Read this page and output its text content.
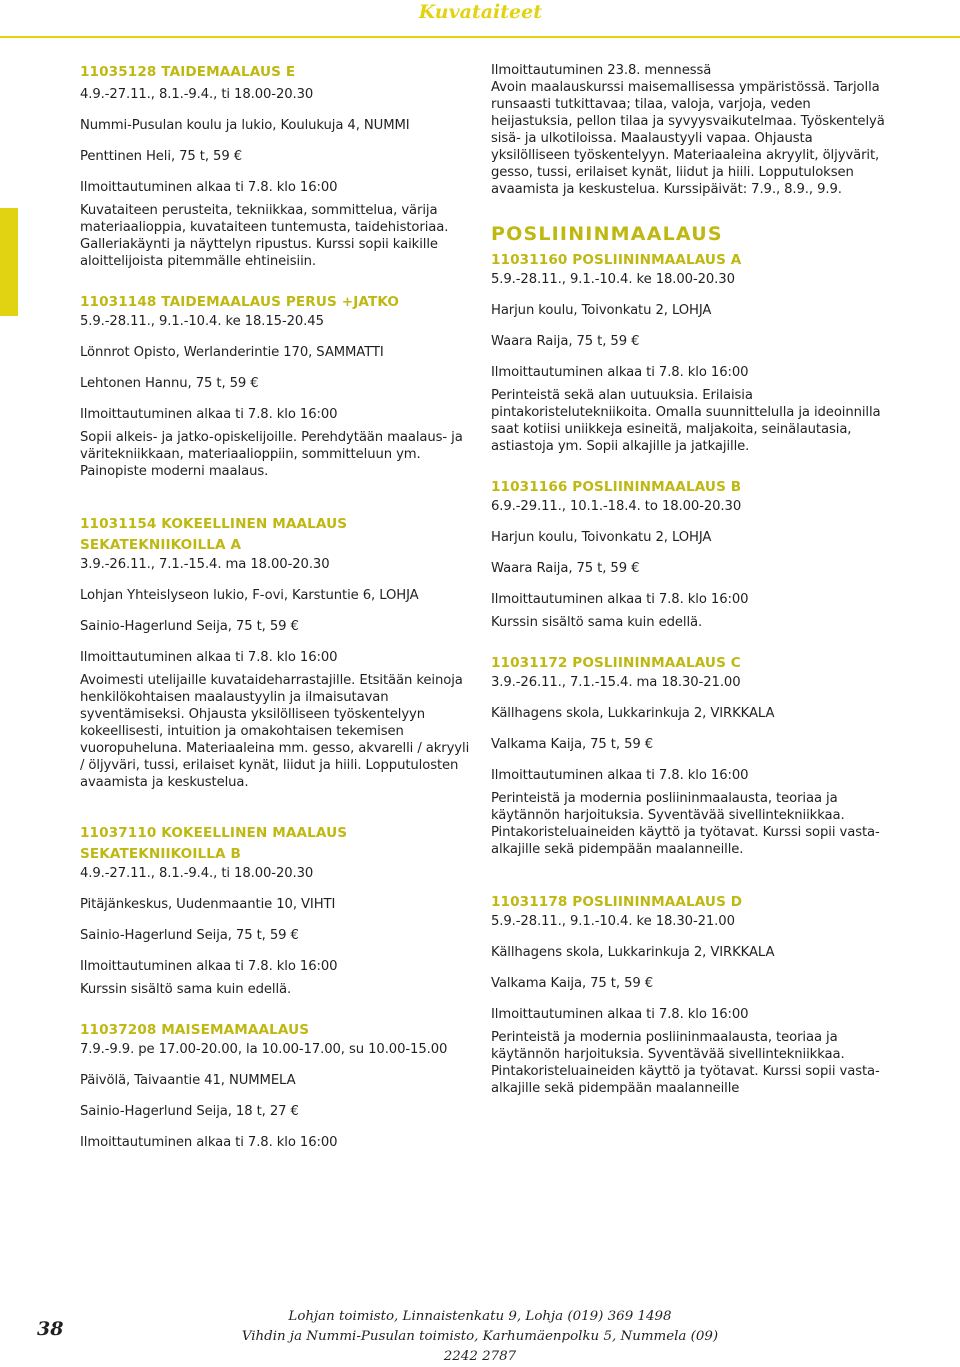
Kuvataiteet
11035128 TAIDEMAALAUS E
4.9.-27.11., 8.1.-9.4., ti 18.00-20.30
Nummi-Pusulan koulu ja lukio, Koulukuja 4, NUMMI
Penttinen Heli, 75 t, 59 €
Ilmoittautuminen alkaa ti 7.8. klo 16:00
Kuvataiteen perusteita, tekniikkaa, sommittelua, värija materiaalioppia, kuvataiteen tuntemusta, taidehistoriaa. Galleriakäynti ja näyttelyn ripustus. Kurssi sopii kaikille aloittelijoista pitemmälle ehtineisiin.
11031148 TAIDEMAALAUS PERUS +JATKO
5.9.-28.11., 9.1.-10.4. ke 18.15-20.45
Lönnrot Opisto, Werlanderintie 170, SAMMATTI
Lehtonen Hannu, 75 t, 59 €
Ilmoittautuminen alkaa ti 7.8. klo 16:00
Sopii alkeis- ja jatko-opiskelijoille. Perehdytään maalaus- ja väritekniikkaan, materiaalioppiin, sommitteluun ym. Painopiste moderni maalaus.
11031154 KOKEELLINEN MAALAUS SEKATEKNIIKOILLA A
3.9.-26.11., 7.1.-15.4. ma 18.00-20.30
Lohjan Yhteislyseon lukio, F-ovi, Karstuntie 6, LOHJA
Sainio-Hagerlund Seija, 75 t, 59 €
Ilmoittautuminen alkaa ti 7.8. klo 16:00
Avoimesti utelijaille kuvataideharrastajille. Etsitään keinoja henkilökohtaisen maalaustyylin ja ilmaisutavan syventämiseksi. Ohjausta yksilölliseen työskentelyyn kokeellisesti, intuition ja omakohtaisen tekemisen vuoropuheluna. Materiaaleina mm. gesso, akvarelli / akryyli / öljyväri, tussi, erilaiset kynät, liidut ja hiili. Lopputulosten avaamista ja keskustelua.
11037110 KOKEELLINEN MAALAUS SEKATEKNIIKOILLA B
4.9.-27.11., 8.1.-9.4., ti 18.00-20.30
Pitäjänkeskus, Uudenmaantie 10, VIHTI
Sainio-Hagerlund Seija, 75 t, 59 €
Ilmoittautuminen alkaa ti 7.8. klo 16:00
Kurssin sisältö sama kuin edellä.
11037208 MAISEMAMAALAUS
7.9.-9.9. pe 17.00-20.00, la 10.00-17.00, su 10.00-15.00
Päivölä, Taivaantie 41, NUMMELA
Sainio-Hagerlund Seija, 18 t, 27 €
Ilmoittautuminen alkaa ti 7.8. klo 16:00
Ilmoittautuminen 23.8. mennessä
Avoin maalauskurssi maisemallisessa ympäristössä. Tarjolla runsaasti tutkittavaa; tilaa, valoja, varjoja, veden heijastuksia, pellon tilaa ja syvyysvaikutelmaa. Työskentelyä sisä- ja ulkotiloissa. Maalaustyyli vapaa. Ohjausta yksilölliseen työskentelyyn. Materiaaleina akryylit, öljyvärit, gesso, tussi, erilaiset kynät, liidut ja hiili. Lopputuloksen avaamista ja keskustelua. Kurssipäivät: 7.9., 8.9., 9.9.
POSLIININMAALAUS
11031160 POSLIININMAALAUS A
5.9.-28.11., 9.1.-10.4. ke 18.00-20.30
Harjun koulu, Toivonkatu 2, LOHJA
Waara Raija, 75 t, 59 €
Ilmoittautuminen alkaa ti 7.8. klo 16:00
Perinteistä sekä alan uutuuksia. Erilaisia pintakoristelutekniikoita. Omalla suunnittelulla ja ideoinnilla saat kotiisi uniikkeja esineitä, maljakoita, seinälautasia, astiastoja ym. Sopii alkajille ja jatkajille.
11031166 POSLIININMAALAUS B
6.9.-29.11., 10.1.-18.4. to 18.00-20.30
Harjun koulu, Toivonkatu 2, LOHJA
Waara Raija, 75 t, 59 €
Ilmoittautuminen alkaa ti 7.8. klo 16:00
Kurssin sisältö sama kuin edellä.
11031172 POSLIININMAALAUS C
3.9.-26.11., 7.1.-15.4. ma 18.30-21.00
Källhagens skola, Lukkarinkuja 2, VIRKKALA
Valkama Kaija, 75 t, 59 €
Ilmoittautuminen alkaa ti 7.8. klo 16:00
Perinteistä ja modernia posliininmaalausta, teoriaa ja käytännön harjoituksia. Syventävää sivellintekniikkaa. Pintakoristeluaineiden käyttö ja työtavat. Kurssi sopii vasta-alkajille sekä pidempään maalanneille.
11031178 POSLIININMAALAUS D
5.9.-28.11., 9.1.-10.4. ke 18.30-21.00
Källhagens skola, Lukkarinkuja 2, VIRKKALA
Valkama Kaija, 75 t, 59 €
Ilmoittautuminen alkaa ti 7.8. klo 16:00
Perinteistä ja modernia posliininmaalausta, teoriaa ja käytännön harjoituksia. Syventävää sivellintekniikkaa. Pintakoristeluaineiden käyttö ja työtavat. Kurssi sopii vasta-alkajille sekä pidempään maalanneille
38
Lohjan toimisto, Linnaistenkatu 9, Lohja (019) 369 1498
Vihdin ja Nummi-Pusulan toimisto, Karhumäenpolku 5, Nummela (09) 2242 2787
